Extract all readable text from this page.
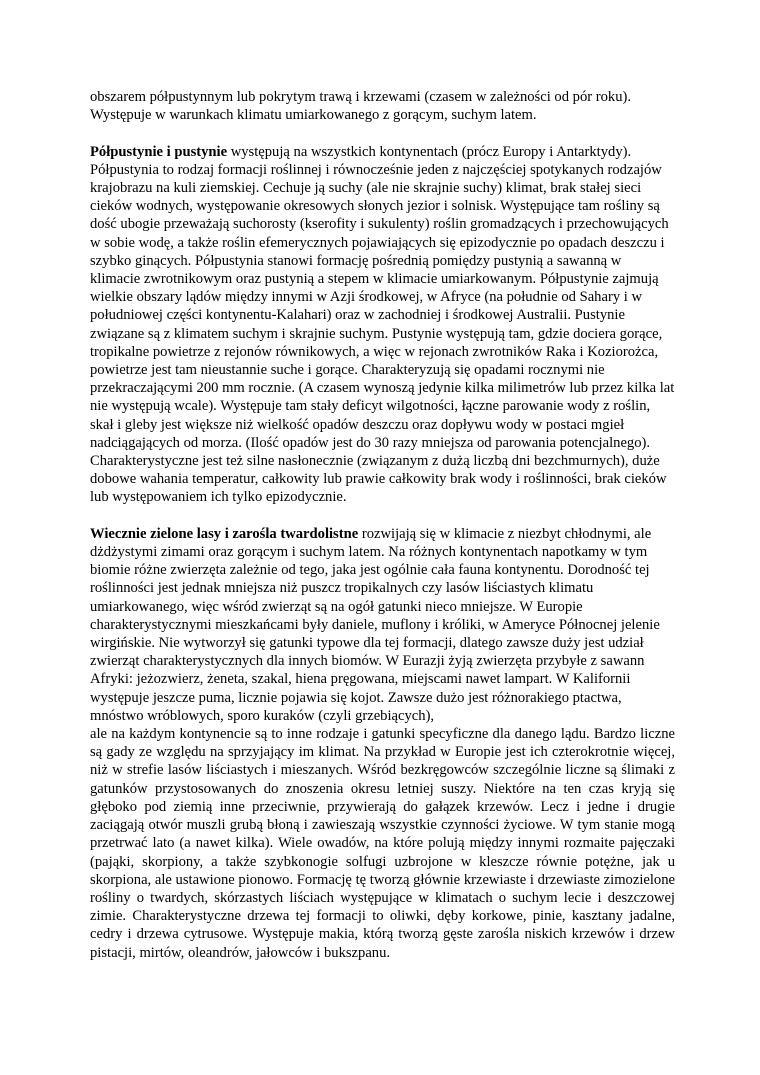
obszarem półpustynnym lub pokrytym trawą i krzewami (czasem w zależności od pór roku). Występuje w warunkach klimatu umiarkowanego z gorącym, suchym latem.

Półpustynie i pustynie występują na wszystkich kontynentach (prócz Europy i Antarktydy). Półpustynia to rodzaj formacji roślinnej i równocześnie jeden z najczęściej spotykanych rodzajów krajobrazu na kuli ziemskiej. Cechuje ją suchy (ale nie skrajnie suchy) klimat, brak stałej sieci cieków wodnych, występowanie okresowych słonych jezior i solnisk. Występujące tam rośliny są dość ubogie przeważają suchorosty (kserofity i sukulenty) roślin gromadzących i przechowujących w sobie wodę, a także roślin efemerycznych pojawiających się epizodycznie po opadach deszczu i szybko ginących. Półpustynia stanowi formację pośrednią pomiędzy pustynią a sawanną w klimacie zwrotnikowym oraz pustynią a stepem w klimacie umiarkowanym. Półpustynie zajmują wielkie obszary lądów między innymi w Azji środkowej, w Afryce (na południe od Sahary i w południowej części kontynentu-Kalahari) oraz w zachodniej i środkowej Australii. Pustynie związane są z klimatem suchym i skrajnie suchym. Pustynie występują tam, gdzie dociera gorące, tropikalne powietrze z rejonów równikowych, a więc w rejonach zwrotników Raka i Koziorożca, powietrze jest tam nieustannie suche i gorące. Charakteryzują się opadami rocznymi nie przekraczającymi 200 mm rocznie. (A czasem wynoszą jedynie kilka milimetrów lub przez kilka lat nie występują wcale). Występuje tam stały deficyt wilgotności, łączne parowanie wody z roślin, skał i gleby jest większe niż wielkość opadów deszczu oraz dopływu wody w postaci mgieł nadciągających od morza. (Ilość opadów jest do 30 razy mniejsza od parowania potencjalnego). Charakterystyczne jest też silne nasłonecznie (związanym z dużą liczbą dni bezchmurnych), duże dobowe wahania temperatur, całkowity lub prawie całkowity brak wody i roślinności, brak cieków lub występowaniem ich tylko epizodycznie.

Wiecznie zielone lasy i zarośla twardolistne rozwijają się w klimacie z niezbyt chłodnymi, ale dżdżystymi zimami oraz gorącym i suchym latem. Na różnych kontynentach napotkamy w tym biomie różne zwierzęta zależnie od tego, jaka jest ogólnie cała fauna kontynentu. Dorodność tej roślinności jest jednak mniejsza niż puszcz tropikalnych czy lasów liściastych klimatu umiarkowanego, więc wśród zwierząt są na ogół gatunki nieco mniejsze. W Europie charakterystycznymi mieszkańcami były daniele, muflony i króliki, w Ameryce Północnej jelenie wirgińskie. Nie wytworzył się gatunki typowe dla tej formacji, dlatego zawsze duży jest udział zwierząt charakterystycznych dla innych biomów. W Eurazji żyją zwierzęta przybyłe z sawann Afryki: jeżozwierz, żeneta, szakal, hiena pręgowana, miejscami nawet lampart. W Kalifornii występuje jeszcze puma, licznie pojawia się kojot. Zawsze dużo jest różnorakiego ptactwa, mnóstwo wróblowych, sporo kuraków (czyli grzebiących),

ale na każdym kontynencie są to inne rodzaje i gatunki specyficzne dla danego lądu. Bardzo liczne są gady ze względu na sprzyjający im klimat. Na przykład w Europie jest ich czterokrotnie więcej, niż w strefie lasów liściastych i mieszanych. Wśród bezkręgowców szczególnie liczne są ślimaki z gatunków przystosowanych do znoszenia okresu letniej suszy. Niektóre na ten czas kryją się głęboko pod ziemią inne przeciwnie, przywierają do gałązek krzewów. Lecz i jedne i drugie zaciągają otwór muszli grubą błoną i zawieszają wszystkie czynności życiowe. W tym stanie mogą przetrwać lato (a nawet kilka). Wiele owadów, na które polują między innymi rozmaite pajęczaki (pająki, skorpiony, a także szybkonogie solfugi uzbrojone w kleszcze równie potężne, jak u skorpiona, ale ustawione pionowo. Formację tę tworzą głównie krzewiaste i drzewiaste zimozielone rośliny o twardych, skórzastych liściach występujące w klimatach o suchym lecie i deszczowej zimie. Charakterystyczne drzewa tej formacji to oliwki, dęby korkowe, pinie, kasztany jadalne, cedry i drzewa cytrusowe. Występuje makia, którą tworzą gęste zarośla niskich krzewów i drzew pistacji, mirtów, oleandrów, jałowców i bukszpanu.
